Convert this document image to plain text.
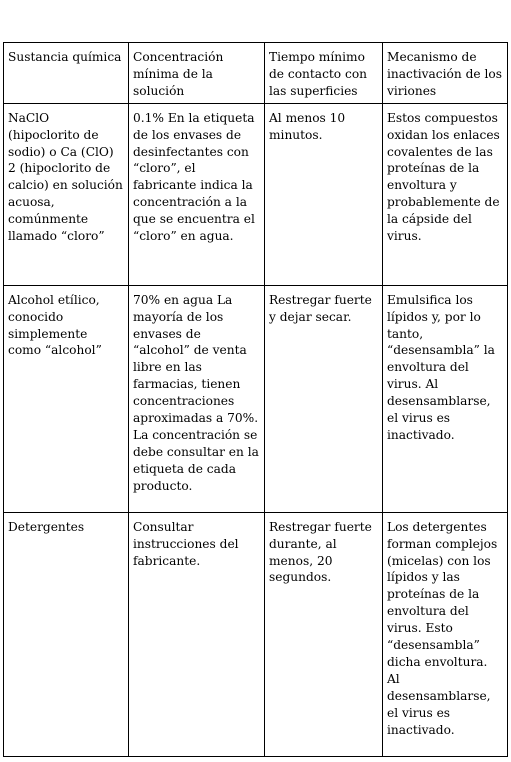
Sustancia química	Concentración mínima de la solución	Tiempo mínimo de contacto con las superficies	Mecanismo de inactivación de los viriones
NaClO (hipoclorito de sodio) o Ca (ClO) 2 (hipoclorito de calcio) en solución acuosa, comúnmente llamado “cloro”	0.1% En la etiqueta de los envases de desinfectantes con “cloro”, el fabricante indica la concentración a la que se encuentra el “cloro” en agua.	Al menos 10 minutos.	Estos compuestos oxidan los enlaces covalentes de las proteínas de la envoltura y probablemente de la cápside del virus.
Alcohol etílico, conocido simplemente como “alcohol”	70% en agua La mayoría de los envases de “alcohol” de venta libre en las farmacias, tienen concentraciones aproximadas a 70%. La concentración se debe consultar en la etiqueta de cada producto.	Restregar fuerte y dejar secar.	Emulsifica los lípidos y, por lo tanto, “desensambla” la envoltura del virus. Al desensamblarse, el virus es inactivado.
Detergentes	Consultar instrucciones del fabricante.	Restregar fuerte durante, al menos, 20 segundos.	Los detergentes forman complejos (micelas) con los lípidos y las proteínas de la envoltura del virus. Esto “desensambla” dicha envoltura. Al desensamblarse, el virus es inactivado.
